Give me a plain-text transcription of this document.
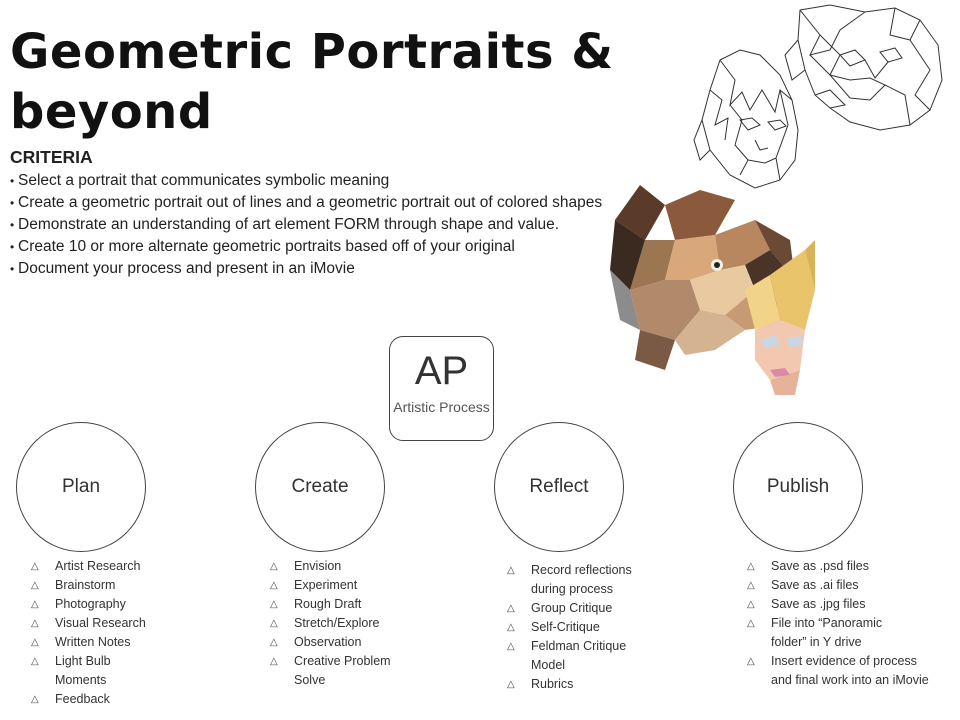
Geometric Portraits & beyond
CRITERIA
• Select a portrait that communicates symbolic meaning
• Create a geometric portrait out of lines and a geometric portrait out of colored shapes
• Demonstrate an understanding of art element FORM through shape and value.
• Create 10 or more alternate geometric portraits based off of your original
• Document your process and present in an iMovie
AP
Artistic Process
Plan	Create	Reflect	Publish
△ Artist Research
△ Brainstorm
△ Photography
△ Visual Research
△ Written Notes
△ Light Bulb Moments
△ Feedback
△ Envision
△ Experiment
△ Rough Draft
△ Stretch/Explore
△ Observation
△ Creative Problem Solve
△ Record reflections during process
△ Group Critique
△ Self-Critique
△ Feldman Critique Model
△ Rubrics
△ Save as .psd files
△ Save as .ai files
△ Save as .jpg files
△ File into “Panoramic folder” in Y drive
△ Insert evidence of process and final work into an iMovie
